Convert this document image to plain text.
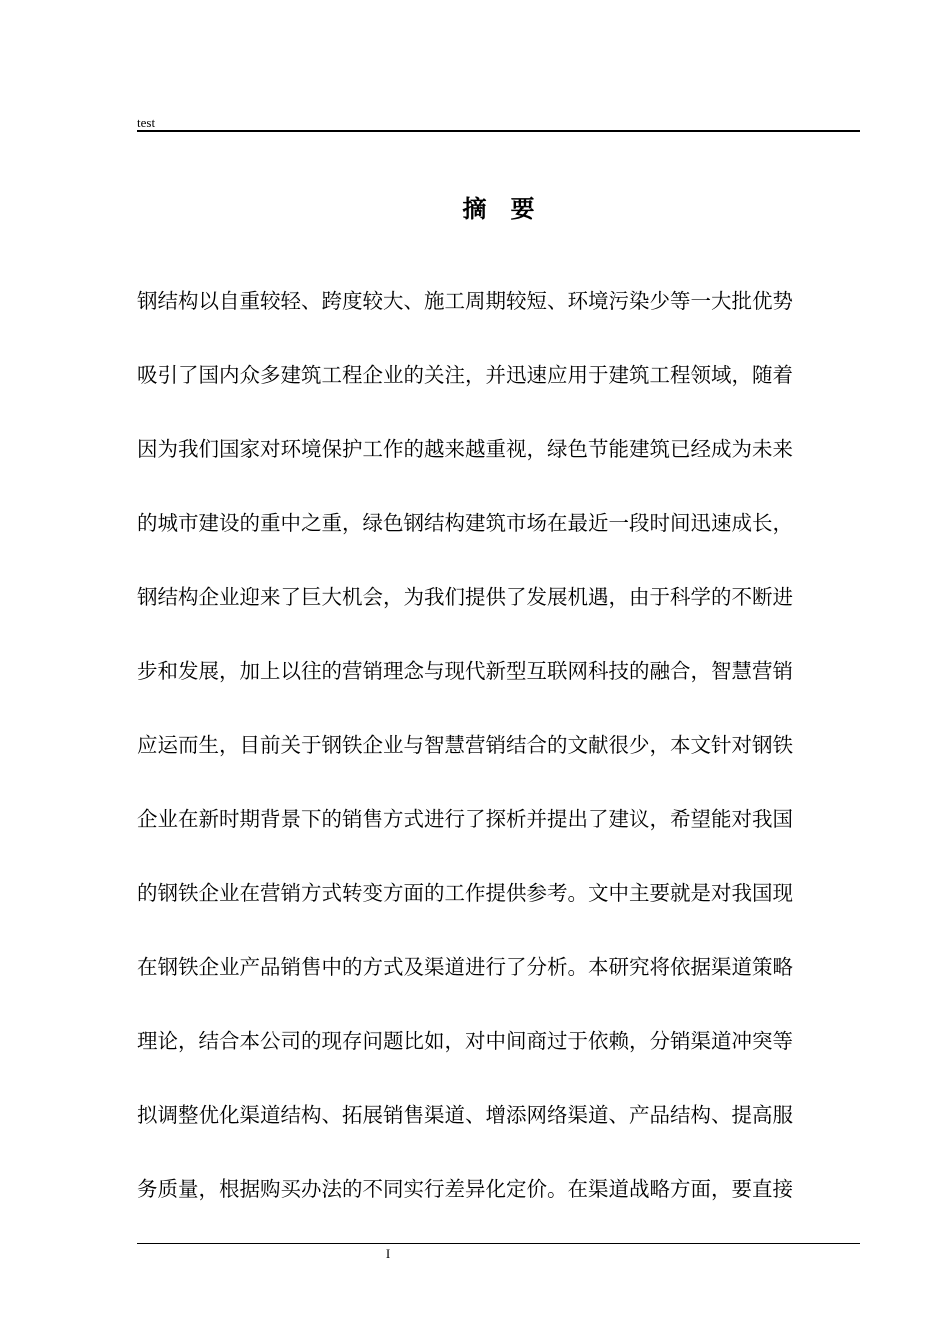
test
摘　要
钢结构以自重较轻、跨度较大、施工周期较短、环境污染少等一大批优势
吸引了国内众多建筑工程企业的关注，并迅速应用于建筑工程领域，随着
因为我们国家对环境保护工作的越来越重视，绿色节能建筑已经成为未来
的城市建设的重中之重，绿色钢结构建筑市场在最近一段时间迅速成长，
钢结构企业迎来了巨大机会，为我们提供了发展机遇，由于科学的不断进
步和发展，加上以往的营销理念与现代新型互联网科技的融合，智慧营销
应运而生，目前关于钢铁企业与智慧营销结合的文献很少，本文针对钢铁
企业在新时期背景下的销售方式进行了探析并提出了建议，希望能对我国
的钢铁企业在营销方式转变方面的工作提供参考。文中主要就是对我国现
在钢铁企业产品销售中的方式及渠道进行了分析。本研究将依据渠道策略
理论，结合本公司的现存问题比如，对中间商过于依赖，分销渠道冲突等
拟调整优化渠道结构、拓展销售渠道、增添网络渠道、产品结构、提高服
务质量，根据购买办法的不同实行差异化定价。在渠道战略方面，要直接
I
